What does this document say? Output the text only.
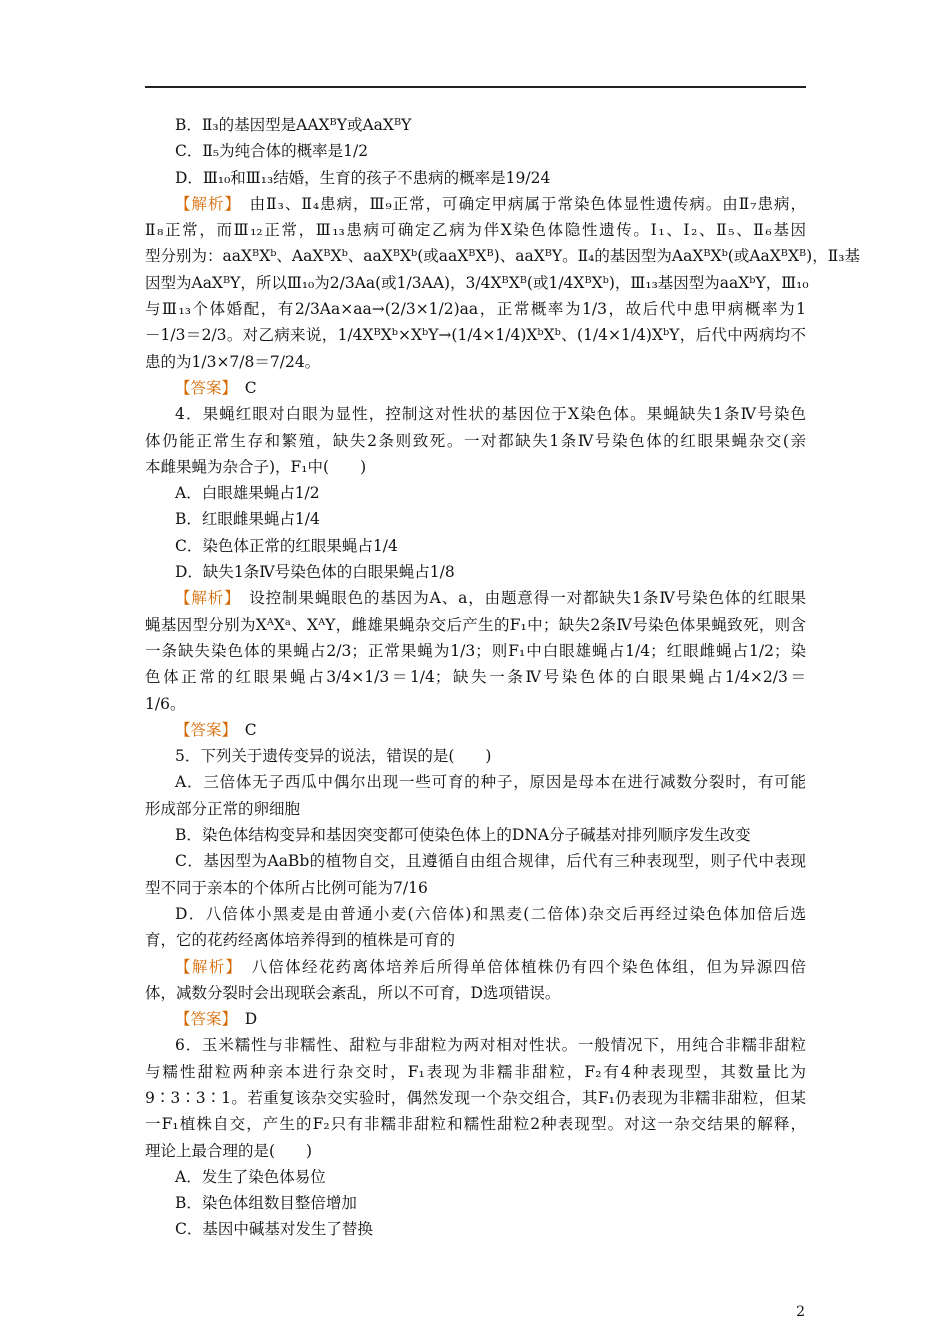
B．Ⅱ₃的基因型是AAXᴮY或AaXᴮY
C．Ⅱ₅为纯合体的概率是1/2
D．Ⅲ₁₀和Ⅲ₁₃结婚，生育的孩子不患病的概率是19/24
【解析】　 由Ⅱ₃、Ⅱ₄患病，Ⅲ₉正常，可确定甲病属于常染色体显性遗传病。由Ⅱ₇患病，
Ⅱ₈正常，而Ⅲ₁₂正常，Ⅲ₁₃患病可确定乙病为伴X染色体隐性遗传。Ⅰ₁、Ⅰ₂、Ⅱ₅、Ⅱ₆基因
型分别为：aaXᴮXᵇ、AaXᴮXᵇ、aaXᴮXᵇ(或aaXᴮXᴮ)、aaXᴮY。Ⅱ₄的基因型为AaXᴮXᵇ(或AaXᴮXᴮ)，Ⅱ₃基
因型为AaXᴮY，所以Ⅲ₁₀为2/3Aa(或1/3AA)，3/4XᴮXᴮ(或1/4XᴮXᵇ)，Ⅲ₁₃基因型为aaXᵇY，Ⅲ₁₀
与Ⅲ₁₃个体婚配，有2/3Aa×aa→(2/3×1/2)aa，正常概率为1/3，故后代中患甲病概率为1
－1/3＝2/3。对乙病来说，1/4XᴮXᵇ×XᵇY→(1/4×1/4)XᵇXᵇ、(1/4×1/4)XᵇY，后代中两病均不
患的为1/3×7/8＝7/24。
【答案】　 C
4．果蝇红眼对白眼为显性，控制这对性状的基因位于X染色体。果蝇缺失1条Ⅳ号染色
体仍能正常生存和繁殖，缺失2条则致死。一对都缺失1条Ⅳ号染色体的红眼果蝇杂交(亲
本雌果蝇为杂合子)，F₁中(　　)
A．白眼雄果蝇占1/2
B．红眼雌果蝇占1/4
C．染色体正常的红眼果蝇占1/4
D．缺失1条Ⅳ号染色体的白眼果蝇占1/8
【解析】　 设控制果蝇眼色的基因为A、a，由题意得一对都缺失1条Ⅳ号染色体的红眼果
蝇基因型分别为XᴬXᵃ、XᴬY，雌雄果蝇杂交后产生的F₁中；缺失2条Ⅳ号染色体果蝇致死，则含
一条缺失染色体的果蝇占2/3；正常果蝇为1/3；则F₁中白眼雄蝇占1/4；红眼雌蝇占1/2；染
色体正常的红眼果蝇占3/4×1/3＝1/4；缺失一条Ⅳ号染色体的白眼果蝇占1/4×2/3＝
1/6。
【答案】　 C
5．下列关于遗传变异的说法，错误的是(　　)
A．三倍体无子西瓜中偶尔出现一些可育的种子，原因是母本在进行减数分裂时，有可能
形成部分正常的卵细胞
B．染色体结构变异和基因突变都可使染色体上的DNA分子碱基对排列顺序发生改变
C．基因型为AaBb的植物自交，且遵循自由组合规律，后代有三种表现型，则子代中表现
型不同于亲本的个体所占比例可能为7/16
D．八倍体小黑麦是由普通小麦(六倍体)和黑麦(二倍体)杂交后再经过染色体加倍后选
育，它的花药经离体培养得到的植株是可育的
【解析】　 八倍体经花药离体培养后所得单倍体植株仍有四个染色体组，但为异源四倍
体，减数分裂时会出现联会紊乱，所以不可育，D选项错误。
【答案】　 D
6．玉米糯性与非糯性、甜粒与非甜粒为两对相对性状。一般情况下，用纯合非糯非甜粒
与糯性甜粒两种亲本进行杂交时，F₁表现为非糯非甜粒，F₂有4种表现型，其数量比为
9∶3∶3∶1。若重复该杂交实验时，偶然发现一个杂交组合，其F₁仍表现为非糯非甜粒，但某
一F₁植株自交，产生的F₂只有非糯非甜粒和糯性甜粒2种表现型。对这一杂交结果的解释，
理论上最合理的是(　　)
A．发生了染色体易位
B．染色体组数目整倍增加
C．基因中碱基对发生了替换
2
